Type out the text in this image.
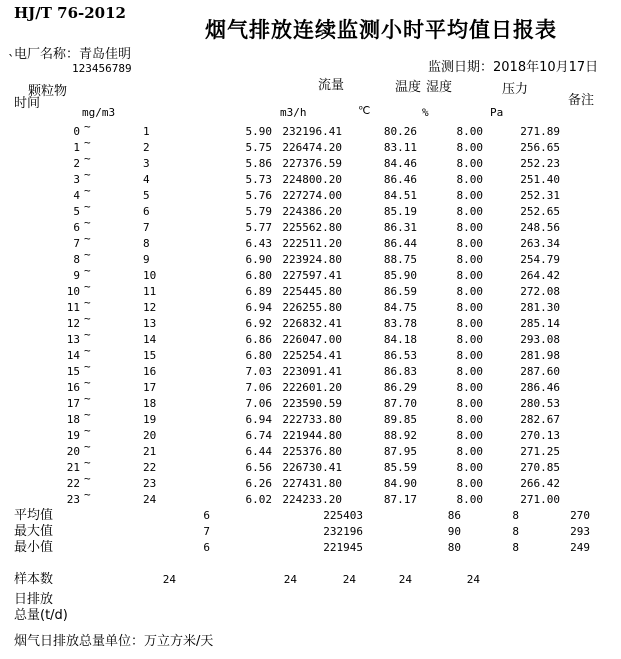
HJ/T 76-2012
烟气排放连续监测小时平均值日报表
电厂名称：青岛佳明
`	123456789	监测日期：2018年10月17日
颗粒物	流量	温度 湿度	压力
时间	备注
mg/m3	m3/h	℃	%	Pa
0 ~	1	5.90 232196.41	80.26	8.00	271.89
1 ~	2	5.75 226474.20	83.11	8.00	256.65
2 ~	3	5.86 227376.59	84.46	8.00	252.23
3 ~	4	5.73 224800.20	86.46	8.00	251.40
4 ~	5	5.76 227274.00	84.51	8.00	252.31
5 ~	6	5.79 224386.20	85.19	8.00	252.65
6 ~	7	5.77 225562.80	86.31	8.00	248.56
7 ~	8	6.43 222511.20	86.44	8.00	263.34
8 ~	9	6.90 223924.80	88.75	8.00	254.79
9 ~	10	6.80 227597.41	85.90	8.00	264.42
10 ~	11	6.89 225445.80	86.59	8.00	272.08
11 ~	12	6.94 226255.80	84.75	8.00	281.30
12 ~	13	6.92 226832.41	83.78	8.00	285.14
13 ~	14	6.86 226047.00	84.18	8.00	293.08
14 ~	15	6.80 225254.41	86.53	8.00	281.98
15 ~	16	7.03 223091.41	86.83	8.00	287.60
16 ~	17	7.06 222601.20	86.29	8.00	286.46
17 ~	18	7.06 223590.59	87.70	8.00	280.53
18 ~	19	6.94 222733.80	89.85	8.00	282.67
19 ~	20	6.74 221944.80	88.92	8.00	270.13
20 ~	21	6.44 225376.80	87.95	8.00	271.25
21 ~	22	6.56 226730.41	85.59	8.00	270.85
22 ~	23	6.26 227431.80	84.90	8.00	266.42
23 ~	24	6.02 224233.20	87.17	8.00	271.00
平均值	6	225403	86	8	270
最大值	7	232196	90	8	293
最小值	6	221945	80	8	249
样本数	24	24	24	24	24
日排放
总量(t/d)
烟气日排放总量单位：万立方米/天
